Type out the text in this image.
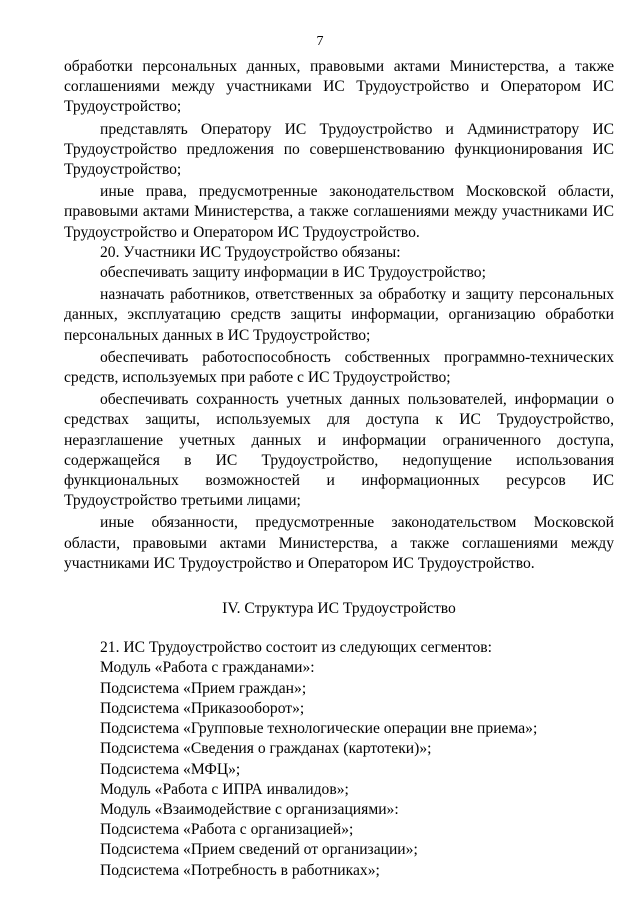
7

обработки персональных данных, правовыми актами Министерства, а также соглашениями между участниками ИС Трудоустройство и Оператором ИС Трудоустройство;

представлять Оператору ИС Трудоустройство и Администратору ИС Трудоустройство предложения по совершенствованию функционирования ИС Трудоустройство;

иные права, предусмотренные законодательством Московской области, правовыми актами Министерства, а также соглашениями между участниками ИС Трудоустройство и Оператором ИС Трудоустройство.

20. Участники ИС Трудоустройство обязаны:

обеспечивать защиту информации в ИС Трудоустройство;

назначать работников, ответственных за обработку и защиту персональных данных, эксплуатацию средств защиты информации, организацию обработки персональных данных в ИС Трудоустройство;

обеспечивать работоспособность собственных программно-технических средств, используемых при работе с ИС Трудоустройство;

обеспечивать сохранность учетных данных пользователей, информации о средствах защиты, используемых для доступа к ИС Трудоустройство, неразглашение учетных данных и информации ограниченного доступа, содержащейся в ИС Трудоустройство, недопущение использования функциональных возможностей и информационных ресурсов ИС Трудоустройство третьими лицами;

иные обязанности, предусмотренные законодательством Московской области, правовыми актами Министерства, а также соглашениями между участниками ИС Трудоустройство и Оператором ИС Трудоустройство.

IV. Структура ИС Трудоустройство

21. ИС Трудоустройство состоит из следующих сегментов:

Модуль «Работа с гражданами»:

Подсистема «Прием граждан»;

Подсистема «Приказооборот»;

Подсистема «Групповые технологические операции вне приема»;

Подсистема «Сведения о гражданах (картотеки)»;

Подсистема «МФЦ»;

Модуль «Работа с ИПРА инвалидов»;

Модуль «Взаимодействие с организациями»:

Подсистема «Работа с организацией»;

Подсистема «Прием сведений от организации»;

Подсистема «Потребность в работниках»;
